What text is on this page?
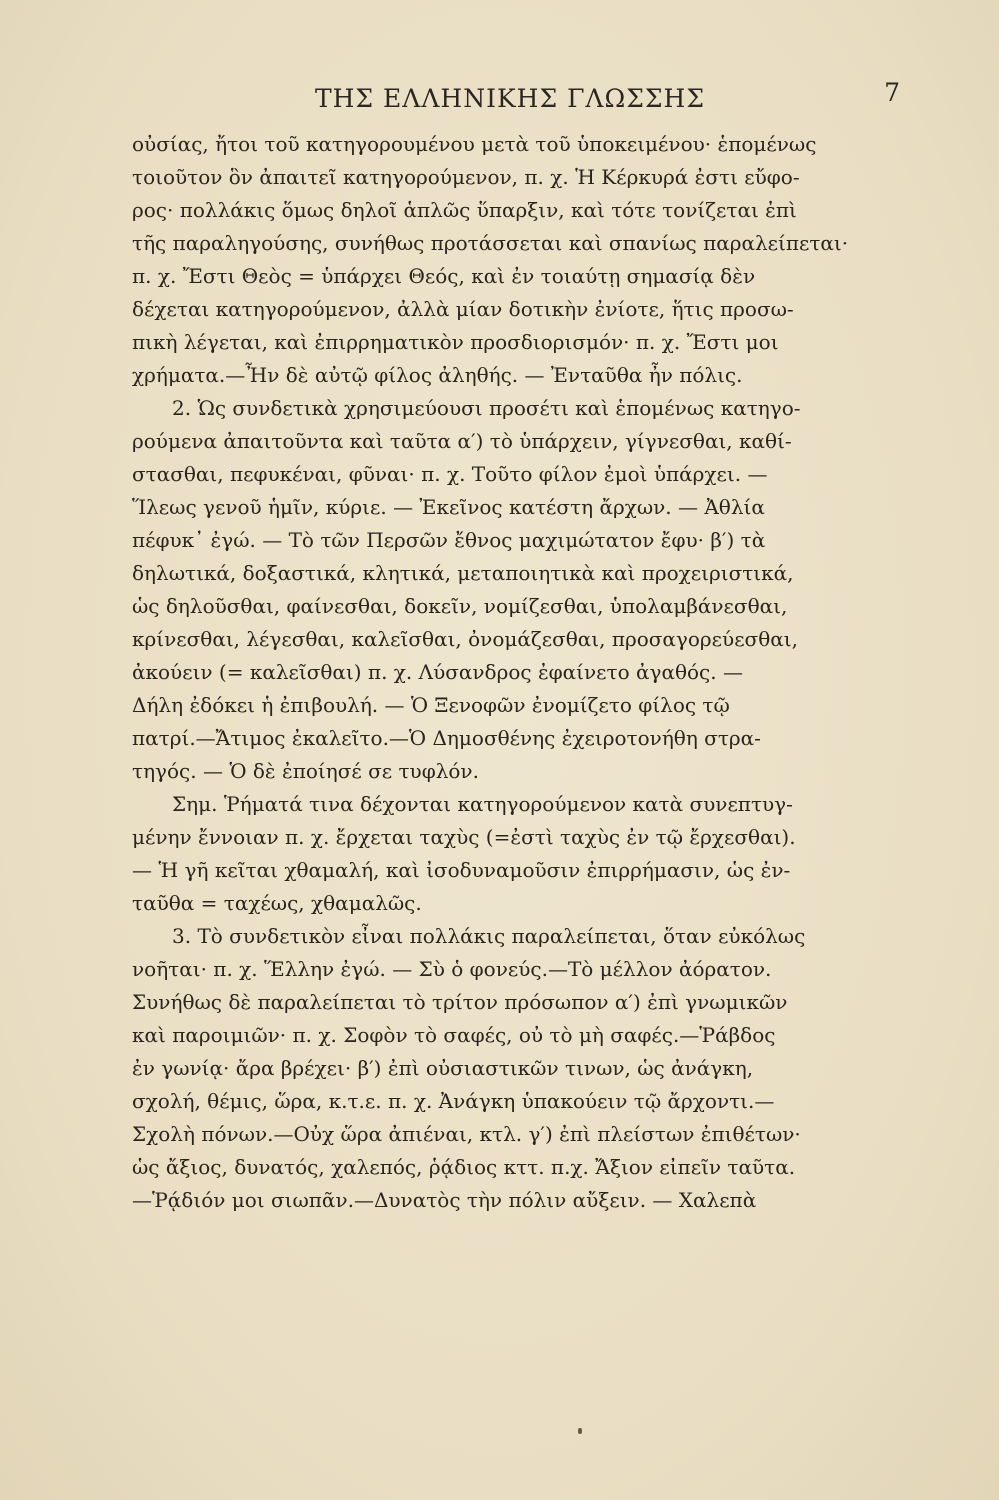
ΤΗΣ ΕΛΛΗΝΙΚΗΣ ΓΛΩΣΣΗΣ	7
οὐσίας, ἤτοι τοῦ κατηγορουμένου μετὰ τοῦ ὑποκειμένου· ἑπομένως
τοιοῦτον ὃν ἀπαιτεῖ κατηγορούμενον, π. χ. Ἡ Κέρκυρά ἐστι εὔφο-
ρος· πολλάκις ὅμως δηλοῖ ἁπλῶς ὕπαρξιν, καὶ τότε τονίζεται ἐπὶ
τῆς παραληγούσης, συνήθως προτάσσεται καὶ σπανίως παραλείπεται·
π. χ. Ἔστι Θεὸς = ὑπάρχει Θεός, καὶ ἐν τοιαύτῃ σημασίᾳ δὲν
δέχεται κατηγορούμενον, ἀλλὰ μίαν δοτικὴν ἐνίοτε, ἥτις προσω-
πικὴ λέγεται, καὶ ἐπιρρηματικὸν προσδιορισμόν· π. χ. Ἔστι μοι
χρήματα.—Ἦν δὲ αὐτῷ φίλος ἀληθής. — Ἐνταῦθα ἦν πόλις.
2. Ὡς συνδετικὰ χρησιμεύουσι προσέτι καὶ ἑπομένως κατηγο-
ρούμενα ἀπαιτοῦντα καὶ ταῦτα α′) τὸ ὑπάρχειν, γίγνεσθαι, καθί-
στασθαι, πεφυκέναι, φῦναι· π. χ. Τοῦτο φίλον ἐμοὶ ὑπάρχει. —
Ἵλεως γενοῦ ἡμῖν, κύριε. — Ἐκεῖνος κατέστη ἄρχων. — Ἀθλία
πέφυκ᾽ ἐγώ. — Τὸ τῶν Περσῶν ἔθνος μαχιμώτατον ἔφυ· β′) τὰ
δηλωτικά, δοξαστικά, κλητικά, μεταποιητικὰ καὶ προχειριστικά,
ὡς δηλοῦσθαι, φαίνεσθαι, δοκεῖν, νομίζεσθαι, ὑπολαμβάνεσθαι,
κρίνεσθαι, λέγεσθαι, καλεῖσθαι, ὀνομάζεσθαι, προσαγορεύεσθαι,
ἀκούειν (= καλεῖσθαι) π. χ. Λύσανδρος ἐφαίνετο ἀγαθός. —
Δήλη ἐδόκει ἡ ἐπιβουλή. — Ὁ Ξενοφῶν ἐνομίζετο φίλος τῷ
πατρί.—Ἄτιμος ἐκαλεῖτο.—Ὁ Δημοσθένης ἐχειροτονήθη στρα-
τηγός. — Ὁ δὲ ἐποίησέ σε τυφλόν.
Σημ. Ῥήματά τινα δέχονται κατηγορούμενον κατὰ συνεπτυγ-
μένην ἔννοιαν π. χ. ἔρχεται ταχὺς (=ἐστὶ ταχὺς ἐν τῷ ἔρχεσθαι).
— Ἡ γῆ κεῖται χθαμαλή, καὶ ἰσοδυναμοῦσιν ἐπιρρήμασιν, ὡς ἐν-
ταῦθα = ταχέως, χθαμαλῶς.
3. Τὸ συνδετικὸν εἶναι πολλάκις παραλείπεται, ὅταν εὐκόλως
νοῆται· π. χ. Ἕλλην ἐγώ. — Σὺ ὁ φονεύς.—Τὸ μέλλον ἀόρατον.
Συνήθως δὲ παραλείπεται τὸ τρίτον πρόσωπον α′) ἐπὶ γνωμικῶν
καὶ παροιμιῶν· π. χ. Σοφὸν τὸ σαφές, οὐ τὸ μὴ σαφές.—Ῥάβδος
ἐν γωνίᾳ· ἄρα βρέχει· β′) ἐπὶ οὐσιαστικῶν τινων, ὡς ἀνάγκη,
σχολή, θέμις, ὥρα, κ.τ.ε. π. χ. Ἀνάγκη ὑπακούειν τῷ ἄρχοντι.—
Σχολὴ πόνων.—Οὐχ ὥρα ἀπιέναι, κτλ. γ′) ἐπὶ πλείστων ἐπιθέτων·
ὡς ἄξιος, δυνατός, χαλεπός, ῥᾴδιος κττ. π.χ. Ἄξιον εἰπεῖν ταῦτα.
—Ῥᾴδιόν μοι σιωπᾶν.—Δυνατὸς τὴν πόλιν αὔξειν. — Χαλεπὰ
